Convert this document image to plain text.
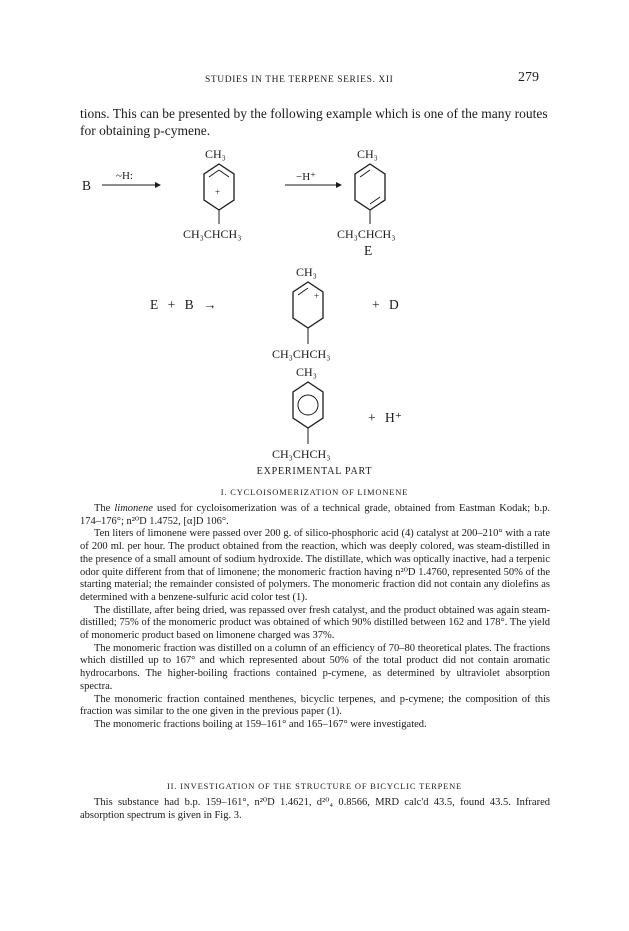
STUDIES IN THE TERPENE SERIES. XII	279

tions. This can be presented by the following example which is one of the many routes for obtaining p-cymene.

B
~H:
CH₃
+
CH₃CHCH₃
−H⁺
CH₃
CH₃CHCH₃
E
E + B →
CH₃
+
CH₃CHCH₃
+ D
CH₃
CH₃CHCH₃
+ H⁺
EXPERIMENTAL PART
I. CYCLOISOMERIZATION OF LIMONENE

The limonene used for cycloisomerization was of a technical grade, obtained from Eastman Kodak; b.p. 174–176°; n²⁰D 1.4752, [α]D 106°.

Ten liters of limonene were passed over 200 g. of silico-phosphoric acid (4) catalyst at 200–210° with a rate of 200 ml. per hour. The product obtained from the reaction, which was deeply colored, was steam-distilled in the presence of a small amount of sodium hydroxide. The distillate, which was optically inactive, had a terpenic odor quite different from that of limonene; the monomeric fraction having n²⁰D 1.4760, represented 50% of the starting material; the remainder consisted of polymers. The monomeric fraction did not contain any diolefins as determined with a benzene-sulfuric acid color test (1).

The distillate, after being dried, was repassed over fresh catalyst, and the product obtained was again steam-distilled; 75% of the monomeric product was obtained of which 90% distilled between 162 and 178°. The yield of monomeric product based on limonene charged was 37%.

The monomeric fraction was distilled on a column of an efficiency of 70–80 theoretical plates. The fractions which distilled up to 167° and which represented about 50% of the total product did not contain aromatic hydrocarbons. The higher-boiling fractions contained p-cymene, as determined by ultraviolet absorption spectra.

The monomeric fraction contained menthenes, bicyclic terpenes, and p-cymene; the composition of this fraction was similar to the one given in the previous paper (1).

The monomeric fractions boiling at 159–161° and 165–167° were investigated.

II. INVESTIGATION OF THE STRUCTURE OF BICYCLIC TERPENE

This substance had b.p. 159–161°, n²⁰D 1.4621, d²⁰₄ 0.8566, MRD calc'd 43.5, found 43.5. Infrared absorption spectrum is given in Fig. 3.
